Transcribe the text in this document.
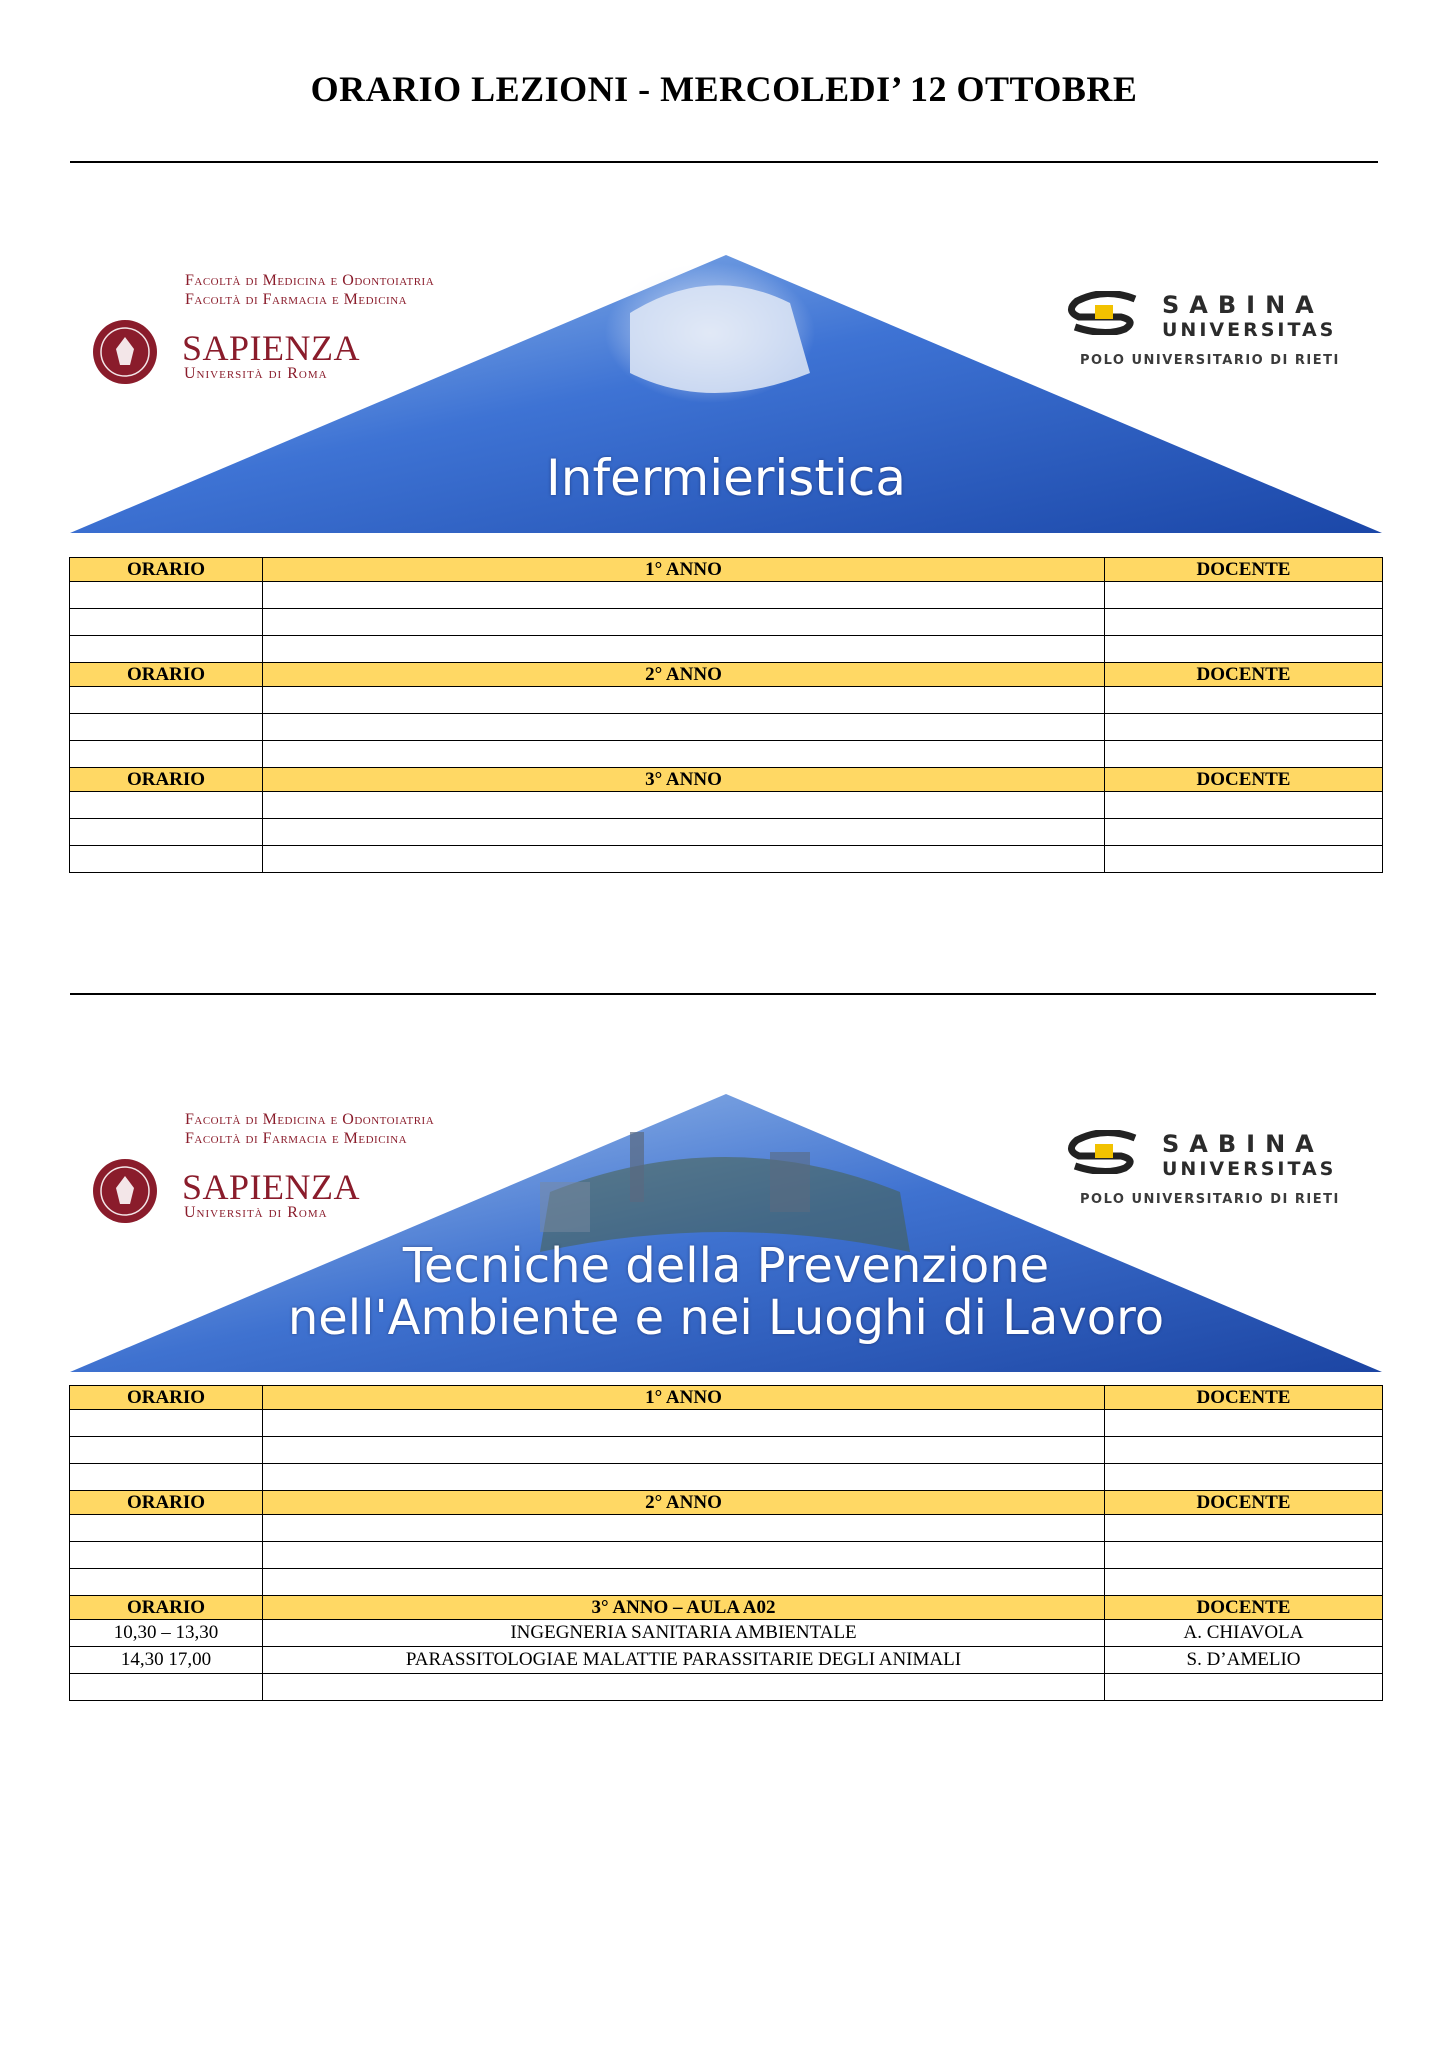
ORARIO LEZIONI - MERCOLEDI’ 12 OTTOBRE
Facoltà di Medicina e Odontoiatria
Facoltà di Farmacia e Medicina
SAPIENZA
Università di Roma
SABINA
UNIVERSITAS
POLO UNIVERSITARIO DI RIETI
Infermieristica
ORARIO	1° ANNO	DOCENTE

ORARIO	2° ANNO	DOCENTE

ORARIO	3° ANNO	DOCENTE

Facoltà di Medicina e Odontoiatria
Facoltà di Farmacia e Medicina
SAPIENZA
Università di Roma
SABINA
UNIVERSITAS
POLO UNIVERSITARIO DI RIETI
Tecniche della Prevenzione
nell'Ambiente e nei Luoghi di Lavoro
ORARIO	1° ANNO	DOCENTE

ORARIO	2° ANNO	DOCENTE

ORARIO	3° ANNO – AULA A02	DOCENTE
10,30 – 13,30	INGEGNERIA SANITARIA AMBIENTALE	A. CHIAVOLA
14,30 17,00	PARASSITOLOGIAE MALATTIE PARASSITARIE DEGLI ANIMALI	S. D’AMELIO
